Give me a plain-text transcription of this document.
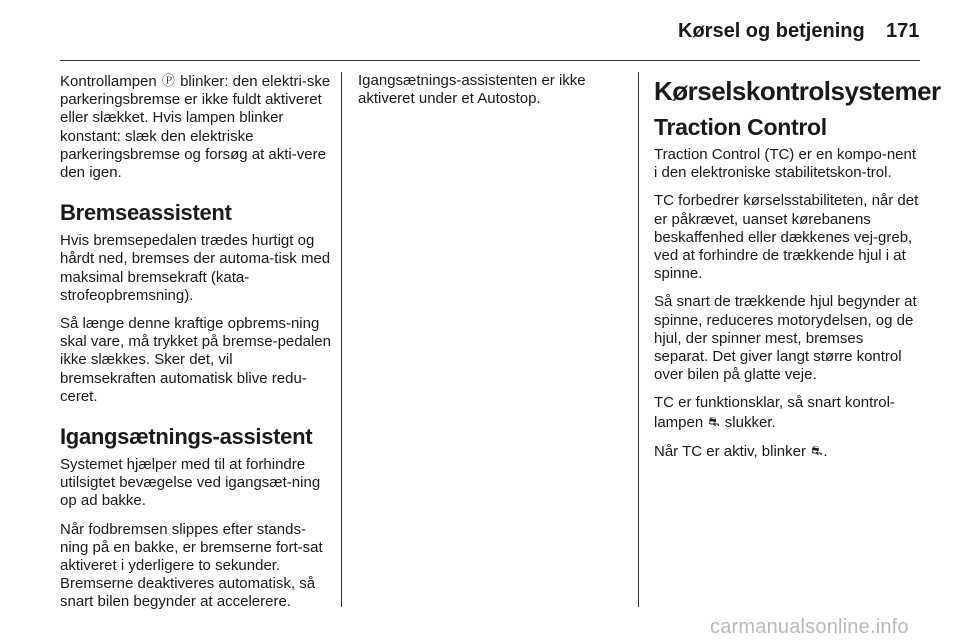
Kørsel og betjening 171

Kontrollampen Ⓟ blinker: den elektri-ske parkeringsbremse er ikke fuldt aktiveret eller slækket. Hvis lampen blinker konstant: slæk den elektriske parkeringsbremse og forsøg at akti-vere den igen.

Bremseassistent

Hvis bremsepedalen trædes hurtigt og hårdt ned, bremses der automa-tisk med maksimal bremsekraft (kata-strofeopbremsning).

Så længe denne kraftige opbrems-ning skal vare, må trykket på bremse-pedalen ikke slækkes. Sker det, vil bremsekraften automatisk blive redu-ceret.

Igangsætnings-assistent

Systemet hjælper med til at forhindre utilsigtet bevægelse ved igangsæt-ning op ad bakke.

Når fodbremsen slippes efter stands-ning på en bakke, er bremserne fort-sat aktiveret i yderligere to sekunder. Bremserne deaktiveres automatisk, så snart bilen begynder at accelerere.

Igangsætnings-assistenten er ikke aktiveret under et Autostop.	Kørselskontrolsystemer
Traction Control

Traction Control (TC) er en kompo-nent i den elektroniske stabilitetskon-trol.

TC forbedrer kørselsstabiliteten, når det er påkrævet, uanset kørebanens beskaffenhed eller dækkenes vej-greb, ved at forhindre de trækkende hjul i at spinne.

Så snart de trækkende hjul begynder at spinne, reduceres motorydelsen, og de hjul, der spinner mest, bremses separat. Det giver langt større kontrol over bilen på glatte veje.

TC er funktionsklar, så snart kontrol-lampen ⛐ slukker.

Når TC er aktiv, blinker ⛐.

carmanualsonline.info
